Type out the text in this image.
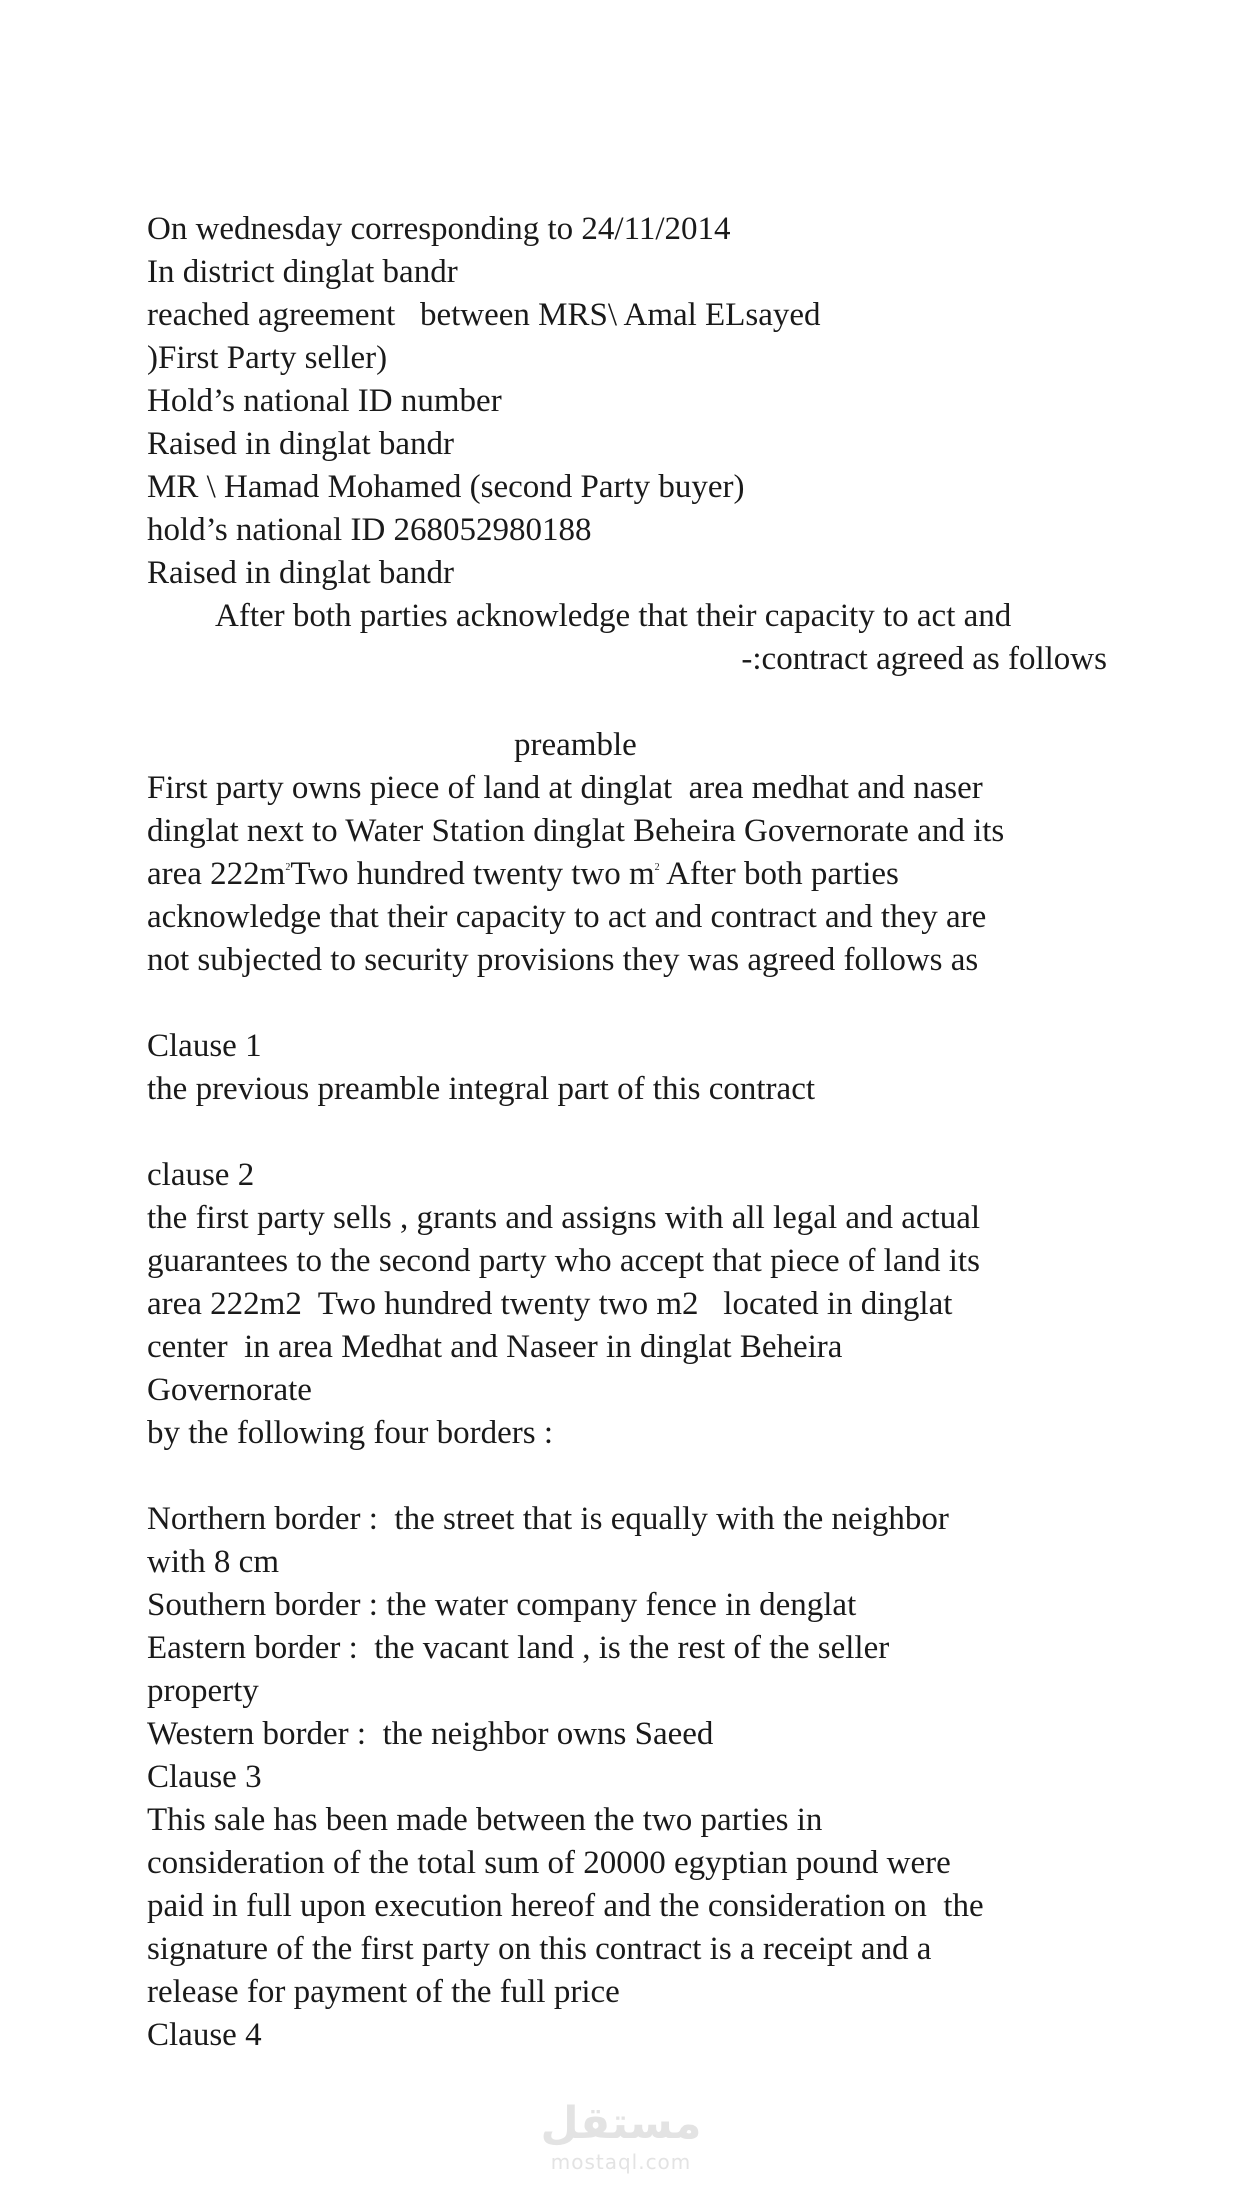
On wednesday corresponding to 24/11/2014
In district dinglat bandr
reached agreement   between MRS\ Amal ELsayed
)First Party seller)
Hold’s national ID number
Raised in dinglat bandr
MR \ Hamad Mohamed (second Party buyer)
hold’s national ID 268052980188
Raised in dinglat bandr
After both parties acknowledge that their capacity to act and
-:contract agreed as follows
preamble
First party owns piece of land at dinglat  area medhat and naser
dinglat next to Water Station dinglat Beheira Governorate and its
area $222m^2Two$ hundred twenty two $m^2$ After both parties
acknowledge that their capacity to act and contract and they are
not subjected to security provisions they was agreed follows as
Clause 1
the previous preamble integral part of this contract
clause 2
the first party sells , grants and assigns with all legal and actual
guarantees to the second party who accept that piece of land its
area 222m2  Two hundred twenty two m2   located in dinglat
center  in area Medhat and Naseer in dinglat Beheira
Governorate
by the following four borders :
Northern border :  the street that is equally with the neighbor
with 8 cm
Southern border : the water company fence in denglat
Eastern border :  the vacant land , is the rest of the seller
property
Western border :  the neighbor owns Saeed
Clause 3
This sale has been made between the two parties in
consideration of the total sum of 20000 egyptian pound were
paid in full upon execution hereof and the consideration on  the
signature of the first party on this contract is a receipt and a
release for payment of the full price
Clause 4
مستقل
mostaql.com
